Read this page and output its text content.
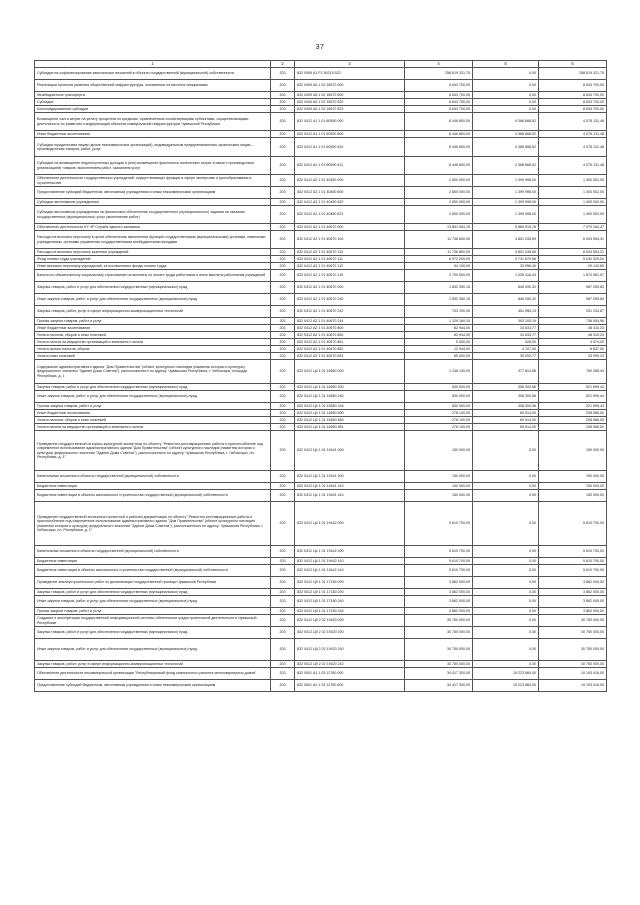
37
1	2	3	4	5	6
Субсидии на софинансирование капитальных вложений в объекты государственной (муниципальной) собственности	203	832 0409 А1 F1 50215 522	258 619 321,75	0,00	258 619 321,75
Реализация проектов развития общественной инфраструктуры, основанных на местных инициативах	203	832 0409 А5 1 02 16570 000	8 643 700,00	0,00	8 643 700,00
Межбюджетные трансферты	203	832 0409 А5 1 02 16570 500	8 643 700,00	0,00	8 643 700,00
Субсидии	203	832 0409 А5 1 02 16570 520	8 643 700,00	0,00	8 643 700,00
Консолидированные субсидии	203	832 0409 А5 1 02 16570 523	8 643 700,00	0,00	8 643 700,00
Возмещение части затрат на уплату процентов по кредитам, привлеченным хозяйствующими субъектами, осуществляющими деятельность по развитию и модернизации объектов коммунальной инфраструктуры Чувашской Республики	203	832 0412 А1 1 01 60590 000	8 446 800,00	4 368 668,52	4 078 131,48
Иные бюджетные ассигнования	203	832 0412 А1 1 01 60590 800	8 446 800,00	4 368 668,52	4 078 131,48
Субсидии юридическим лицам (кроме некоммерческих организаций), индивидуальным предпринимателям, физическим лицам – производителям товаров, работ, услуг	203	832 0412 А1 1 01 60590 810	8 446 800,00	4 368 668,52	4 078 131,48
Субсидии на возмещение недополученных доходов и (или) возмещение фактически понесенных затрат в связи с производством (реализацией) товаров, выполнением работ, оказанием услуг	203	832 0412 А1 1 01 60590 811	8 446 800,00	4 368 668,52	4 078 131,48
Обеспечение деятельности государственных учреждений, осуществляющих функции в сфере экспертизы и ценообразования в строительстве	203	832 0412 А2 1 01 40450 000	2 800 000,00	1 399 998,00	1 400 002,00
Предоставление субсидий бюджетным, автономным учреждениям и иным некоммерческим организациям	203	832 0412 А2 1 01 40450 600	2 800 000,00	1 399 998,00	1 400 002,00
Субсидии автономным учреждениям	203	832 0412 А2 1 01 40450 620	2 800 000,00	1 399 998,00	1 400 002,00
Субсидии автономным учреждениям на финансовое обеспечение государственного (муниципального) задания на оказание государственных (муниципальных) услуг (выполнение работ)	203	832 0412 А2 1 01 40450 621	2 800 000,00	1 399 998,00	1 400 002,00
Обеспечение деятельности КУ ЧР Служба единого заказчика	203	832 0412 А2 1 01 40670 000	13 851 084,15	5 880 919,78	7 970 164,37
Расходы на выплаты персоналу в целях обеспечения выполнения функций государственными (муниципальными) органами, казенными учреждениями, органами управления государственными внебюджетными фондами	203	832 0412 А2 1 01 40670 100	11 736 800,00	4 801 245,69	6 934 554,31
Расходы на выплаты персоналу казенных учреждений	203	832 0412 А2 1 01 40670 110	11 736 800,00	4 801 245,69	6 934 554,31
Фонд оплаты труда учреждений	203	832 0412 А2 1 01 40670 111	8 972 200,00	3 731 870,96	5 240 329,04
Иные выплаты персоналу учреждений, за исключением фонда оплаты труда	203	832 0412 А2 1 01 40670 112	54 100,00	33 956,40	20 143,60
Взносы по обязательному социальному страхованию на выплаты по оплате труда работников и иные выплаты работникам учреждений	203	832 0412 А2 1 01 40670 119	2 709 500,00	1 035 418,43	1 674 081,57
Закупка товаров, работ и услуг для обеспечения государственных (муниципальных) нужд	203	832 0412 А2 1 01 40670 200	1 832 350,15	845 090,32	987 259,83
Иные закупки товаров, работ и услуг для обеспечения государственных (муниципальных) нужд	203	832 0412 А2 1 01 40670 240	1 832 350,15	845 090,32	987 259,83
Закупка товаров, работ, услуг в сфере информационно-коммуникационных технологий	203	832 0412 А2 1 01 40670 242	703 190,00	451 955,13	251 234,87
Прочая закупка товаров, работ и услуг	203	832 0412 А2 1 01 40670 244	1 129 160,15	393 105,19	736 054,96
Иные бюджетные ассигнования	203	832 0412 А2 1 01 40670 800	82 944,00	34 633,77	48 310,23
Уплата налогов, сборов и иных платежей	203	832 0412 А2 1 01 40670 850	82 944,00	34 633,77	48 310,23
Уплата налога на имущество организаций и земельного налога	203	832 0412 А2 1 01 40670 851	5 000,00	526,00	4 474,00
Уплата прочих налогов, сборов	203	832 0412 А2 1 01 40670 852	12 944,00	4 107,00	8 837,00
Уплата иных платежей	203	832 0412 А2 1 01 40670 853	65 000,00	30 000,77	34 999,23
Содержание административного здания "Дом Правительства" (объект культурного наследия (памятник истории и культуры) федерального значения "Здание Дома Советов"), расположенного по адресу: Чувашская Республика, г. Чебоксары, площадь Республики, д. 1	203	832 0412 Ц4 1 01 16550 000	1 138 100,00	377 814,56	760 285,44
Закупка товаров, работ и услуг для обеспечения государственных (муниципальных) нужд	203	832 0412 Ц4 1 01 16550 200	830 000,00	308 300,56	521 699,44
Иные закупки товаров, работ и услуг для обеспечения государственных (муниципальных) нужд	203	832 0412 Ц4 1 01 16550 240	830 000,00	308 300,56	521 699,44
Прочая закупка товаров, работ и услуг	203	832 0412 Ц4 1 01 16550 244	830 000,00	308 300,56	521 699,44
Иные бюджетные ассигнования	203	832 0412 Ц4 1 01 16550 800	278 100,00	69 514,00	208 586,00
Уплата налогов, сборов и иных платежей	203	832 0412 Ц4 1 01 16550 850	278 100,00	69 514,00	208 586,00
Уплата налога на имущество организаций и земельного налога	203	832 0412 Ц4 1 01 16550 851	278 100,00	69 514,00	208 586,00
Проведение государственной историко-культурной экспертизы по объекту "Ремонтно-реставрационные работы и приспособление под современное использование административного здания "Дом Правительства" (объект культурного наследия (памятник истории и культуры) федерального значения "Здание Дома Советов"), расположенного по адресу: Чувашская Республика, г. Чебоксары, пл. Республики, д. 1"	203	832 0412 Ц4 1 01 19441 000	150 000,00	0,00	150 000,00
Капитальные вложения в объекты государственной (муниципальной) собственности	203	832 0412 Ц4 1 01 19441 400	150 000,00	0,00	150 000,00
Бюджетные инвестиции	203	832 0412 Ц4 1 01 19441 410	150 000,00	0,00	150 000,00
Бюджетные инвестиции в объекты капитального строительства государственной (муниципальной) собственности	203	832 0412 Ц4 1 01 19441 414	150 000,00	0,00	150 000,00
Проведение государственной экспертизы проектной и рабочей документации по объекту "Ремонтно-реставрационные работы и приспособление под современное использование административного здания "Дом Правительства" (объект культурного наследия (памятник истории и культуры) федерального значения "Здание Дома Советов"), расположенного по адресу: Чувашская Республика, г. Чебоксары, пл. Республики, д. 1"	203	832 0412 Ц4 1 01 19442 000	5 610 700,00	0,00	5 610 700,00
Капитальные вложения в объекты государственной (муниципальной) собственности	203	832 0412 Ц4 1 01 19442 400	5 610 700,00	0,00	5 610 700,00
Бюджетные инвестиции	203	832 0412 Ц4 1 01 19442 410	5 610 700,00	0,00	5 610 700,00
Бюджетные инвестиции в объекты капитального строительства государственной (муниципальной) собственности	203	832 0412 Ц4 1 01 19442 414	5 610 700,00	0,00	5 610 700,00
Проведение землеустроительных работ по делимитации государственной границы Чувашской Республики	203	832 0412 Ц9 1 01 17180 000	3 862 000,00	0,00	3 862 000,00
Закупка товаров, работ и услуг для обеспечения государственных (муниципальных) нужд	203	832 0412 Ц9 1 01 17180 200	3 862 000,00	0,00	3 862 000,00
Иные закупки товаров, работ и услуг для обеспечения государственных (муниципальных) нужд	203	832 0412 Ц9 1 01 17180 240	3 862 000,00	0,00	3 862 000,00
Прочая закупка товаров, работ и услуг	203	832 0412 Ц9 1 01 17180 244	3 862 000,00	0,00	3 862 000,00
Создание и эксплуатация государственной информационной системы обеспечения градостроительной деятельности в Чувашской Республике	203	832 0412 Ц9 2 02 19420 000	30 750 000,00	0,00	30 750 000,00
Закупка товаров, работ и услуг для обеспечения государственных (муниципальных) нужд	203	832 0412 Ц9 2 02 19420 200	30 750 000,00	0,00	30 750 000,00
Иные закупки товаров, работ и услуг для обеспечения государственных (муниципальных) нужд	203	832 0412 Ц9 2 02 19420 240	30 750 000,00	0,00	30 750 000,00
Закупка товаров, работ, услуг в сфере информационно-коммуникационных технологий	203	832 0412 Ц9 2 02 19420 242	30 750 000,00	0,00	30 750 000,00
Обеспечение деятельности некоммерческой организации "Республиканский фонд капитального ремонта многоквартирных домов"	203	832 0501 А1 1 03 12760 000	34 417 300,00	15 223 884,00	19 193 416,00
Предоставление субсидий бюджетным, автономным учреждениям и иным некоммерческим организациям	203	832 0501 А1 1 03 12760 600	34 417 300,00	15 223 884,00	19 193 416,00
